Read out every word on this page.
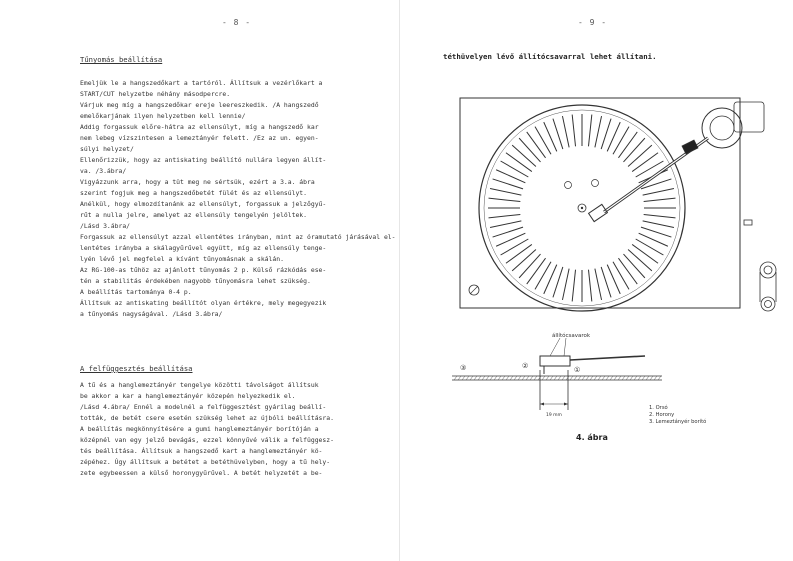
- 8 -
Tűnyomás beállítása
Emeljük le a hangszedőkart a tartóról. Állítsuk a vezérlőkart a
START/CUT helyzetbe néhány másodpercre.
Várjuk meg míg a hangszedőkar ereje leereszkedik. /A hangszedő
emelőkarjának ilyen helyzetben kell lennie/
Addig forgassuk előre-hátra az ellensúlyt, míg a hangszedő kar
nem lebeg vízszintesen a lemeztányér felett. /Ez az un. egyen-
súlyi helyzet/
Ellenőrizzük, hogy az antiskating beállító nullára legyen állít-
va. /3.ábra/
Vigyázzunk arra, hogy a tüt meg ne sértsük, ezért a 3.a. ábra
szerint fogjuk meg a hangszedőbetét fülét és az ellensúlyt.
Anélkül, hogy elmozdítanánk az ellensúlyt, forgassuk a jelzőgyű-
rűt a nulla jelre, amelyet az ellensúly tengelyén jelöltek.
/Lásd 3.ábra/
Forgassuk az ellensúlyt azzal ellentétes irányban, mint az óramutató járásával el-
lentétes irányba a skálagyűrűvel együtt, míg az ellensúly tenge-
lyén lévő jel megfelel a kívánt tűnyomásnak a skálán.
Az RG-100-as tűhöz az ajánlott tűnyomás 2 p. Külső rázkódás ese-
tén a stabilitás érdekében nagyobb tűnyomásra lehet szükség.
A beállítás tartománya 0-4 p.
Állítsuk az antiskating beállítót olyan értékre, mely megegyezik
a tűnyomás nagyságával. /Lásd 3.ábra/
A felfüggesztés beállítása
A tű és a hanglemeztányér tengelye közötti távolságot állítsuk
be akkor a kar a hanglemeztányér közepén helyezkedik el.
/Lásd 4.ábra/ Ennél a modelnél a felfüggesztést gyárilag beállí-
tották, de betét csere esetén szükség lehet az újbóli beállításra.
A beállítás megkönnyítésére a gumi hanglemeztányér borítóján a
középnél van egy jelző bevágás, ezzel könnyűvé válik a felfüggesz-
tés beállítása. Állítsuk a hangszedő kart a hanglemeztányér kö-
zépéhez. Úgy állítsuk a betétet a betéthüvelyben, hogy a tű hely-
zete egybeessen a külső horonygyűrűvel. A betét helyzetét a be-
- 9 -
téthüvelyen lévő állítócsavarral lehet állítani.
állítócsavarok
③	②	①
19 mm
1. Orsó
2. Horony
3. Lemeztányér borító
4. ábra
